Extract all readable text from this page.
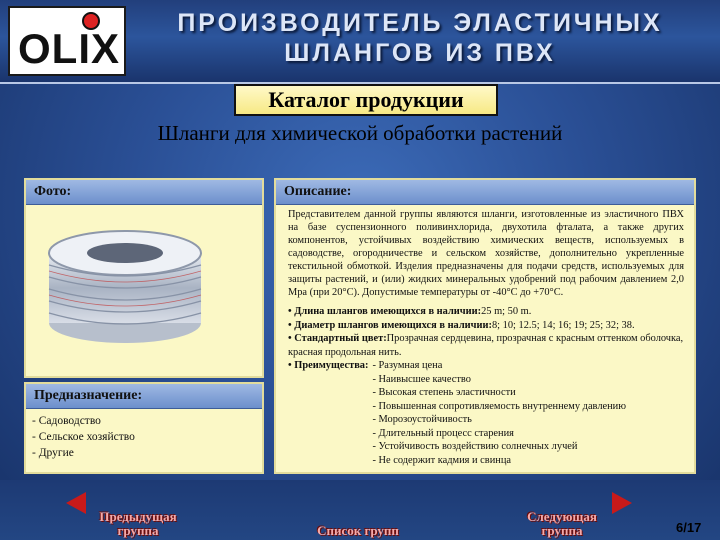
OLIX
ПРОИЗВОДИТЕЛЬ ЭЛАСТИЧНЫХ
ШЛАНГОВ ИЗ ПВХ
Каталог продукции
Шланги для химической обработки растений
Фото:
Предназначение:
- Садоводство
- Сельское хозяйство
- Другие
Описание:
Представителем данной группы являются шланги, изготовленные из эластичного ПВХ на базе суспензионного поливинхлорида, двухотила фталата, а также других компонентов, устойчивых воздействию химических веществ, используемых в садоводстве, огородничестве и сельском хозяйстве, дополнительно укрепленные текстильной обмоткой. Изделия предназначены для подачи средств, используемых для защиты растений, и (или) жидких минеральных удобрений под рабочим давлением 2,0 Мра (при 20°С). Допустимые температуры от -40°С до +70°С.
• Длина шлангов имеющихся в наличии:25 m; 50 m.
• Диаметр шлангов имеющихся в наличии:8; 10; 12.5; 14; 16; 19; 25; 32; 38.
• Стандартный цвет:Прозрачная сердцевина, прозрачная с красным оттенком оболочка, красная продольная нить.
• Преимущества: - Разумная цена
- Наивысшее качество
- Высокая степень эластичности
- Повышенная сопротивляемость внутреннему давлению
- Морозоустойчивость
- Длительный процесс старения
- Устойчивость воздействию солнечных лучей
- Не содержит кадмия и свинца
Предыдущая
группа	Список групп
Следующая
группа	6/17
